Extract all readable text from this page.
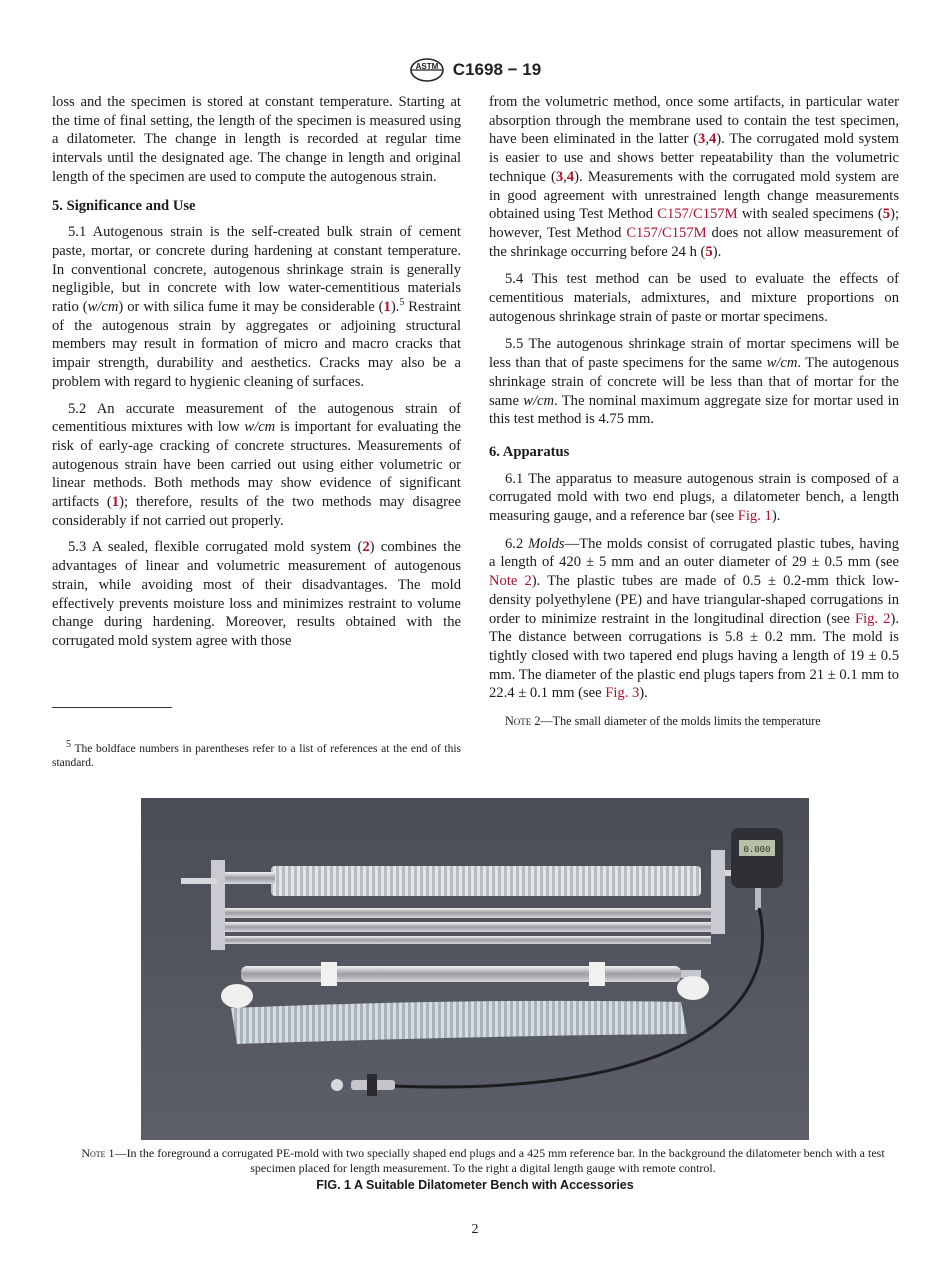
ASTM C1698 − 19

loss and the specimen is stored at constant temperature. Starting at the time of final setting, the length of the specimen is measured using a dilatometer. The change in length is recorded at regular time intervals until the designated age. The change in length and original length of the specimen are used to compute the autogenous strain.

5. Significance and Use

5.1 Autogenous strain is the self-created bulk strain of cement paste, mortar, or concrete during hardening at constant temperature. In conventional concrete, autogenous shrinkage strain is generally negligible, but in concrete with low water-cementitious materials ratio (w/cm) or with silica fume it may be considerable (1).$^5$ Restraint of the autogenous strain by aggregates or adjoining structural members may result in formation of micro and macro cracks that impair strength, durability and aesthetics. Cracks may also be a problem with regard to hygienic cleaning of surfaces.

5.2 An accurate measurement of the autogenous strain of cementitious mixtures with low w/cm is important for evaluating the risk of early-age cracking of concrete structures. Measurements of autogenous strain have been carried out using either volumetric or linear methods. Both methods may show evidence of significant artifacts (1); therefore, results of the two methods may disagree considerably if not carried out properly.

5.3 A sealed, flexible corrugated mold system (2) combines the advantages of linear and volumetric measurement of autogenous strain, while avoiding most of their disadvantages. The mold effectively prevents moisture loss and minimizes restraint to volume change during hardening. Moreover, results obtained with the corrugated mold system agree with those

$^5$ The boldface numbers in parentheses refer to a list of references at the end of this standard.

from the volumetric method, once some artifacts, in particular water absorption through the membrane used to contain the test specimen, have been eliminated in the latter (3,4). The corrugated mold system is easier to use and shows better repeatability than the volumetric technique (3,4). Measurements with the corrugated mold system are in good agreement with unrestrained length change measurements obtained using Test Method C157/C157M with sealed specimens (5); however, Test Method C157/C157M does not allow measurement of the shrinkage occurring before 24 h (5).

5.4 This test method can be used to evaluate the effects of cementitious materials, admixtures, and mixture proportions on autogenous shrinkage strain of paste or mortar specimens.

5.5 The autogenous shrinkage strain of mortar specimens will be less than that of paste specimens for the same w/cm. The autogenous shrinkage strain of concrete will be less than that of mortar for the same w/cm. The nominal maximum aggregate size for mortar used in this test method is 4.75 mm.

6. Apparatus

6.1 The apparatus to measure autogenous strain is composed of a corrugated mold with two end plugs, a dilatometer bench, a length measuring gauge, and a reference bar (see Fig. 1).

6.2 Molds—The molds consist of corrugated plastic tubes, having a length of 420 ± 5 mm and an outer diameter of 29 ± 0.5 mm (see Note 2). The plastic tubes are made of 0.5 ± 0.2-mm thick low-density polyethylene (PE) and have triangular-shaped corrugations in order to minimize restraint in the longitudinal direction (see Fig. 2). The distance between corrugations is 5.8 ± 0.2 mm. The mold is tightly closed with two tapered end plugs having a length of 19 ± 0.5 mm. The diameter of the plastic end plugs tapers from 21 ± 0.1 mm to 22.4 ± 0.1 mm (see Fig. 3).

Note 2—The small diameter of the molds limits the temperature

0.000
Note 1—In the foreground a corrugated PE-mold with two specially shaped end plugs and a 425 mm reference bar. In the background the dilatometer bench with a test specimen placed for length measurement. To the right a digital length gauge with remote control.
FIG. 1 A Suitable Dilatometer Bench with Accessories
2
